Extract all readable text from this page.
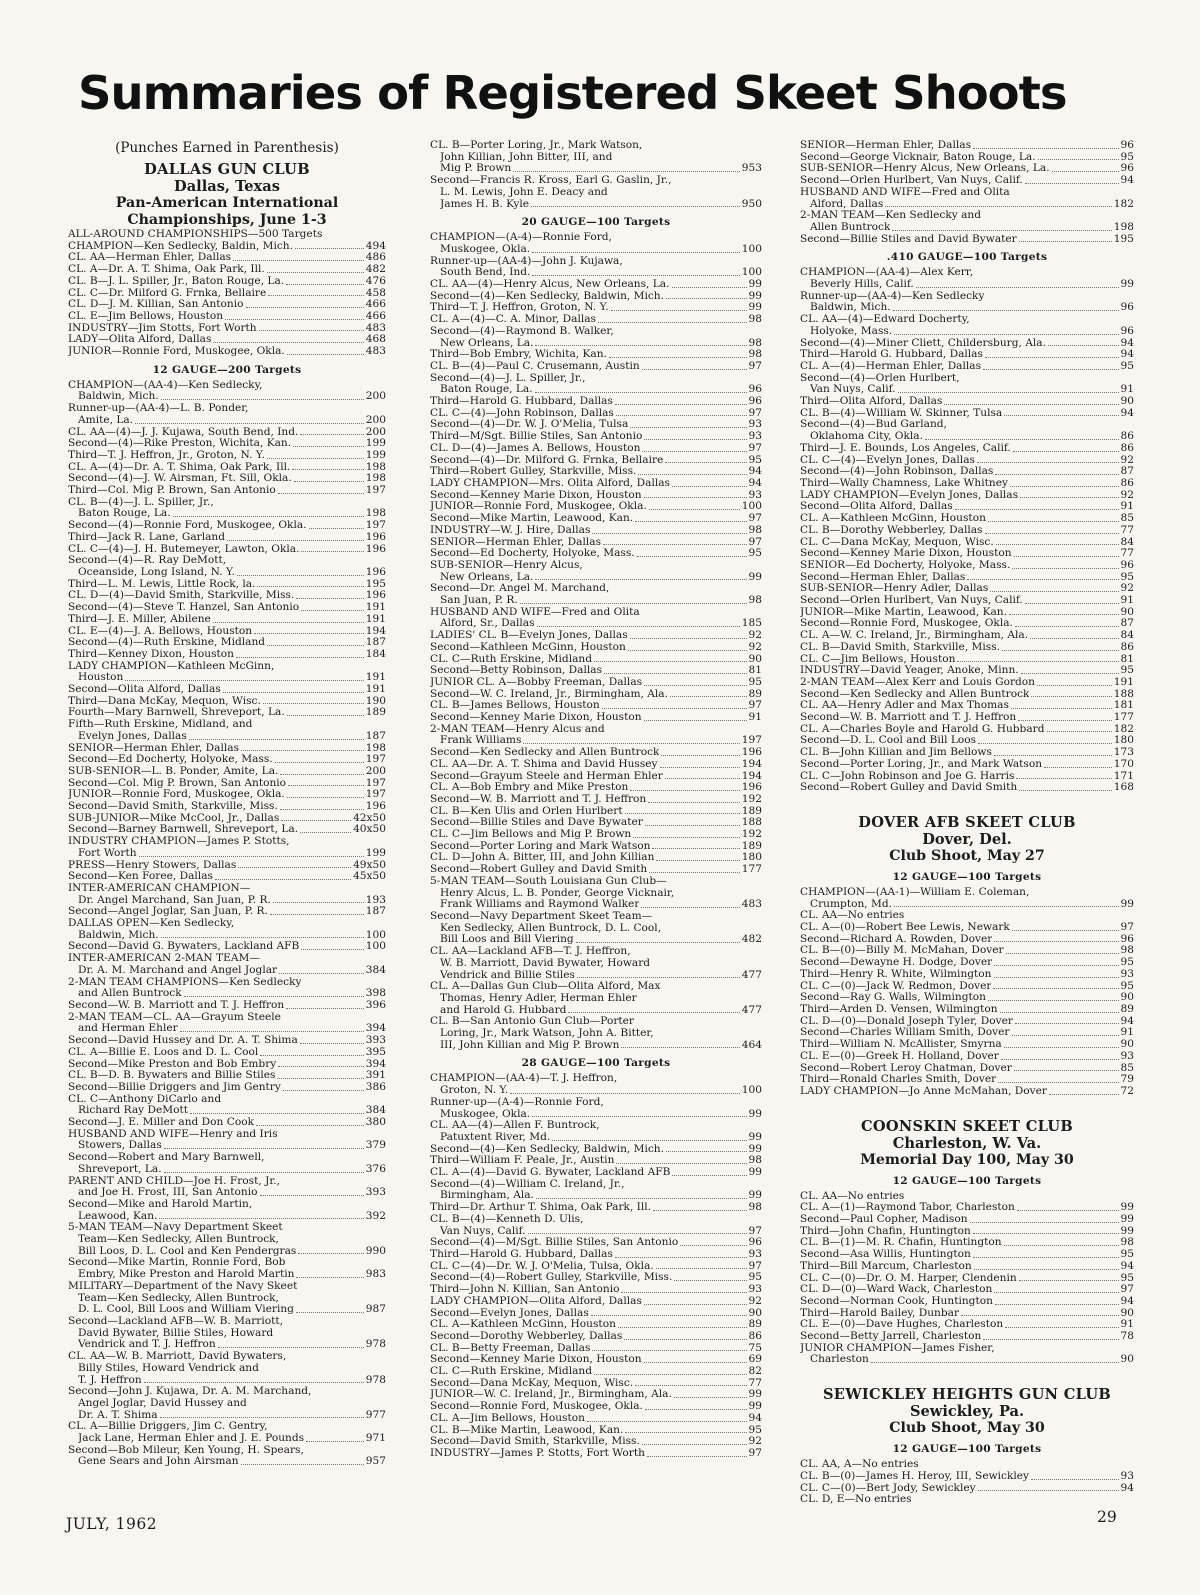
Summaries of Registered Skeet Shoots
(Punches Earned in Parenthesis)
DALLAS GUN CLUB
Dallas, Texas
Pan-American International
Championships, June 1-3
ALL-AROUND CHAMPIONSHIPS—500 Targets
CHAMPION—Ken Sedlecky, Baldin, Mich.	494
CL. AA—Herman Ehler, Dallas	486
CL. A—Dr. A. T. Shima, Oak Park, Ill.	482
CL. B—J. L. Spiller, Jr., Baton Rouge, La.	476
CL. C—Dr. Milford G. Frnka, Bellaire	458
CL. D—J. M. Killian, San Antonio	466
CL. E—Jim Bellows, Houston	466
INDUSTRY—Jim Stotts, Fort Worth	483
LADY—Olita Alford, Dallas	468
JUNIOR—Ronnie Ford, Muskogee, Okla.	483
12 GAUGE—200 Targets
CHAMPION—(AA-4)—Ken Sedlecky,
Baldwin, Mich.	200
Runner-up—(AA-4)—L. B. Ponder,
Amite, La.	200
CL. AA—(4)—J. J. Kujawa, South Bend, Ind.	200
Second—(4)—Rike Preston, Wichita, Kan.	199
Third—T. J. Heffron, Jr., Groton, N. Y.	199
CL. A—(4)—Dr. A. T. Shima, Oak Park, Ill.	198
Second—(4)—J. W. Airsman, Ft. Sill, Okla.	198
Third—Col. Mig P. Brown, San Antonio	197
CL. B—(4)—J. L. Spiller, Jr.,
Baton Rouge, La.	198
Second—(4)—Ronnie Ford, Muskogee, Okla.	197
Third—Jack R. Lane, Garland	196
CL. C—(4)—J. H. Butemeyer, Lawton, Okla.	196
Second—(4)—R. Ray DeMott,
Oceanside, Long Island, N. Y.	196
Third—L. M. Lewis, Little Rock, la.	195
CL. D—(4)—David Smith, Starkville, Miss.	196
Second—(4)—Steve T. Hanzel, San Antonio	191
Third—J. E. Miller, Abilene	191
CL. E—(4)—J. A. Bellows, Houston	194
Second—(4)—Ruth Erskine, Midland	187
Third—Kenney Dixon, Houston	184
LADY CHAMPION—Kathleen McGinn,
Houston	191
Second—Olita Alford, Dallas	191
Third—Dana McKay, Mequon, Wisc.	190
Fourth—Mary Barnwell, Shreveport, La.	189
Fifth—Ruth Erskine, Midland, and
Evelyn Jones, Dallas	187
SENIOR—Herman Ehler, Dallas	198
Second—Ed Docherty, Holyoke, Mass.	197
SUB-SENIOR—L. B. Ponder, Amite, La.	200
Second—Col. Mig P. Brown, San Antonio	197
JUNIOR—Ronnie Ford, Muskogee, Okla.	197
Second—David Smith, Starkville, Miss.	196
SUB-JUNIOR—Mike McCool, Jr., Dallas	42x50
Second—Barney Barnwell, Shreveport, La.	40x50
INDUSTRY CHAMPION—James P. Stotts,
Fort Worth	199
PRESS—Henry Stowers, Dallas	49x50
Second—Ken Foree, Dallas	45x50
INTER-AMERICAN CHAMPION—
Dr. Angel Marchand, San Juan, P. R.	193
Second—Angel Joglar, San Juan, P. R.	187
DALLAS OPEN—Ken Sedlecky,
Baldwin, Mich.	100
Second—David G. Bywaters, Lackland AFB	100
INTER-AMERICAN 2-MAN TEAM—
Dr. A. M. Marchand and Angel Joglar	384
2-MAN TEAM CHAMPIONS—Ken Sedlecky
and Allen Buntrock	398
Second—W. B. Marriott and T. J. Heffron	396
2-MAN TEAM—CL. AA—Grayum Steele
and Herman Ehler	394
Second—David Hussey and Dr. A. T. Shima	393
CL. A—Billie E. Loos and D. L. Cool	395
Second—Mike Preston and Bob Embry	394
CL. B—D. B. Bywaters and Billie Stiles	391
Second—Billie Driggers and Jim Gentry	386
CL. C—Anthony DiCarlo and
Richard Ray DeMott	384
Second—J. E. Miller and Don Cook	380
HUSBAND AND WIFE—Henry and Iris
Stowers, Dallas	379
Second—Robert and Mary Barnwell,
Shreveport, La.	376
PARENT AND CHILD—Joe H. Frost, Jr.,
and Joe H. Frost, III, San Antonio	393
Second—Mike and Harold Martin,
Leawood, Kan.	392
5-MAN TEAM—Navy Department Skeet
Team—Ken Sedlecky, Allen Buntrock,
Bill Loos, D. L. Cool and Ken Pendergras	990
Second—Mike Martin, Ronnie Ford, Bob
Embry, Mike Preston and Harold Martin	983
MILITARY—Department of the Navy Skeet
Team—Ken Sedlecky, Allen Buntrock,
D. L. Cool, Bill Loos and William Viering	987
Second—Lackland AFB—W. B. Marriott,
David Bywater, Billie Stiles, Howard
Vendrick and T. J. Heffron	978
CL. AA—W. B. Marriott, David Bywaters,
Billy Stiles, Howard Vendrick and
T. J. Heffron	978
Second—John J. Kujawa, Dr. A. M. Marchand,
Angel Joglar, David Hussey and
Dr. A. T. Shima	977
CL. A—Billie Driggers, Jim C. Gentry,
Jack Lane, Herman Ehler and J. E. Pounds	971
Second—Bob Mileur, Ken Young, H. Spears,
Gene Sears and John Airsman	957
CL. B—Porter Loring, Jr., Mark Watson,
John Killian, John Bitter, III, and
Mig P. Brown	953
Second—Francis R. Kross, Earl G. Gaslin, Jr.,
L. M. Lewis, John E. Deacy and
James H. B. Kyle	950
20 GAUGE—100 Targets
CHAMPION—(A-4)—Ronnie Ford,
Muskogee, Okla.	100
Runner-up—(AA-4)—John J. Kujawa,
South Bend, Ind.	100
CL. AA—(4)—Henry Alcus, New Orleans, La.	99
Second—(4)—Ken Sedlecky, Baldwin, Mich.	99
Third—T. J. Heffron, Groton, N. Y.	99
CL. A—(4)—C. A. Minor, Dallas	98
Second—(4)—Raymond B. Walker,
New Orleans, La.	98
Third—Bob Embry, Wichita, Kan.	98
CL. B—(4)—Paul C. Crusemann, Austin	97
Second—(4)—J. L. Spiller, Jr.,
Baton Rouge, La.	96
Third—Harold G. Hubbard, Dallas	96
CL. C—(4)—John Robinson, Dallas	97
Second—(4)—Dr. W. J. O'Melia, Tulsa	93
Third—M/Sgt. Billie Stiles, San Antonio	93
CL. D—(4)—James A. Bellows, Houston	97
Second—(4)—Dr. Milford G. Frnka, Bellaire	95
Third—Robert Gulley, Starkville, Miss.	94
LADY CHAMPION—Mrs. Olita Alford, Dallas	94
Second—Kenney Marie Dixon, Houston	93
JUNIOR—Ronnie Ford, Muskogee, Okla.	100
Second—Mike Martin, Leawood, Kan.	97
INDUSTRY—W. J. Hire, Dallas	98
SENIOR—Herman Ehler, Dallas	97
Second—Ed Docherty, Holyoke, Mass.	95
SUB-SENIOR—Henry Alcus,
New Orleans, La.	99
Second—Dr. Angel M. Marchand,
San Juan, P. R.	98
HUSBAND AND WIFE—Fred and Olita
Alford, Sr., Dallas	185
LADIES' CL. B—Evelyn Jones, Dallas	92
Second—Kathleen McGinn, Houston	92
CL. C—Ruth Erskine, Midland	90
Second—Betty Robinson, Dallas	81
JUNIOR CL. A—Bobby Freeman, Dallas	95
Second—W. C. Ireland, Jr., Birmingham, Ala.	89
CL. B—James Bellows, Houston	97
Second—Kenney Marie Dixon, Houston	91
2-MAN TEAM—Henry Alcus and
Frank Williams	197
Second—Ken Sedlecky and Allen Buntrock	196
CL. AA—Dr. A. T. Shima and David Hussey	194
Second—Grayum Steele and Herman Ehler	194
CL. A—Bob Embry and Mike Preston	196
Second—W. B. Marriott and T. J. Heffron	192
CL. B—Ken Ulis and Orlen Hurlbert	189
Second—Billie Stiles and Dave Bywater	188
CL. C—Jim Bellows and Mig P. Brown	192
Second—Porter Loring and Mark Watson	189
CL. D—John A. Bitter, III, and John Killian	180
Second—Robert Gulley and David Smith	177
5-MAN TEAM—South Louisiana Gun Club—
Henry Alcus, L. B. Ponder, George Vicknair,
Frank Williams and Raymond Walker	483
Second—Navy Department Skeet Team—
Ken Sedlecky, Allen Buntrock, D. L. Cool,
Bill Loos and Bill Viering	482
CL. AA—Lackland AFB—T. J. Heffron,
W. B. Marriott, David Bywater, Howard
Vendrick and Billie Stiles	477
CL. A—Dallas Gun Club—Olita Alford, Max
Thomas, Henry Adler, Herman Ehler
and Harold G. Hubbard	477
CL. B—San Antonio Gun Club—Porter
Loring, Jr., Mark Watson, John A. Bitter,
III, John Killian and Mig P. Brown	464
28 GAUGE—100 Targets
CHAMPION—(AA-4)—T. J. Heffron,
Groton, N. Y.	100
Runner-up—(A-4)—Ronnie Ford,
Muskogee, Okla.	99
CL. AA—(4)—Allen F. Buntrock,
Patuxtent River, Md.	99
Second—(4)—Ken Sedlecky, Baldwin, Mich.	99
Third—William F. Peale, Jr., Austin	98
CL. A—(4)—David G. Bywater, Lackland AFB	99
Second—(4)—William C. Ireland, Jr.,
Birmingham, Ala.	99
Third—Dr. Arthur T. Shima, Oak Park, Ill.	98
CL. B—(4)—Kenneth D. Ulis,
Van Nuys, Calif.	97
Second—(4)—M/Sgt. Billie Stiles, San Antonio	96
Third—Harold G. Hubbard, Dallas	93
CL. C—(4)—Dr. W. J. O'Melia, Tulsa, Okla.	97
Second—(4)—Robert Gulley, Starkville, Miss.	95
Third—John N. Killian, San Antonio	93
LADY CHAMPION—Olita Alford, Dallas	92
Second—Evelyn Jones, Dallas	90
CL. A—Kathleen McGinn, Houston	89
Second—Dorothy Webberley, Dallas	86
CL. B—Betty Freeman, Dallas	75
Second—Kenney Marie Dixon, Houston	69
CL. C—Ruth Erskine, Midland	82
Second—Dana McKay, Mequon, Wisc.	77
JUNIOR—W. C. Ireland, Jr., Birmingham, Ala.	99
Second—Ronnie Ford, Muskogee, Okla.	99
CL. A—Jim Bellows, Houston	94
CL. B—Mike Martin, Leawood, Kan.	95
Second—David Smith, Starkville, Miss.	92
INDUSTRY—James P. Stotts, Fort Worth	97
SENIOR—Herman Ehler, Dallas	96
Second—George Vicknair, Baton Rouge, La.	95
SUB-SENIOR—Henry Alcus, New Orleans, La.	96
Second—Orlen Hurlbert, Van Nuys, Calif.	94
HUSBAND AND WIFE—Fred and Olita
Alford, Dallas	182
2-MAN TEAM—Ken Sedlecky and
Allen Buntrock	198
Second—Billie Stiles and David Bywater	195
.410 GAUGE—100 Targets
CHAMPION—(AA-4)—Alex Kerr,
Beverly Hills, Calif.	99
Runner-up—(AA-4)—Ken Sedlecky
Baldwin, Mich.	96
CL. AA—(4)—Edward Docherty,
Holyoke, Mass.	96
Second—(4)—Miner Cliett, Childersburg, Ala.	94
Third—Harold G. Hubbard, Dallas	94
CL. A—(4)—Herman Ehler, Dallas	95
Second—(4)—Orlen Hurlbert,
Van Nuys, Calif.	91
Third—Olita Alford, Dallas	90
CL. B—(4)—William W. Skinner, Tulsa	94
Second—(4)—Bud Garland,
Oklahoma City, Okla.	86
Third—J. E. Bounds, Los Angeles, Calif.	86
CL. C—(4)—Evelyn Jones, Dallas	92
Second—(4)—John Robinson, Dallas	87
Third—Wally Chamness, Lake Whitney	86
LADY CHAMPION—Evelyn Jones, Dallas	92
Second—Olita Alford, Dallas	91
CL. A—Kathleen McGinn, Houston	85
CL. B—Dorothy Webberley, Dallas	77
CL. C—Dana McKay, Mequon, Wisc.	84
Second—Kenney Marie Dixon, Houston	77
SENIOR—Ed Docherty, Holyoke, Mass.	96
Second—Herman Ehler, Dallas	95
SUB-SENIOR—Henry Adler, Dallas	92
Second—Orlen Hurlbert, Van Nuys, Calif.	91
JUNIOR—Mike Martin, Leawood, Kan.	90
Second—Ronnie Ford, Muskogee, Okla.	87
CL. A—W. C. Ireland, Jr., Birmingham, Ala.	84
CL. B—David Smith, Starkville, Miss.	86
CL. C—Jim Bellows, Houston	81
INDUSTRY—David Yeager, Anoke, Minn.	95
2-MAN TEAM—Alex Kerr and Louis Gordon	191
Second—Ken Sedlecky and Allen Buntrock	188
CL. AA—Henry Adler and Max Thomas	181
Second—W. B. Marriott and T. J. Heffron	177
CL. A—Charles Boyle and Harold G. Hubbard	182
Second—D. L. Cool and Bill Loos	180
CL. B—John Killian and Jim Bellows	173
Second—Porter Loring, Jr., and Mark Watson	170
CL. C—John Robinson and Joe G. Harris	171
Second—Robert Gulley and David Smith	168
DOVER AFB SKEET CLUB
Dover, Del.
Club Shoot, May 27
12 GAUGE—100 Targets
CHAMPION—(AA-1)—William E. Coleman,
Crumpton, Md.	99
CL. AA—No entries
CL. A—(0)—Robert Bee Lewis, Newark	97
Second—Richard A. Rowden, Dover	96
CL. B—(0)—Billy M. McMahan, Dover	98
Second—Dewayne H. Dodge, Dover	95
Third—Henry R. White, Wilmington	93
CL. C—(0)—Jack W. Redmon, Dover	95
Second—Ray G. Walls, Wilmington	90
Third—Arden D. Vensen, Wilmington	89
CL. D—(0)—Donald Joseph Tyler, Dover	94
Second—Charles William Smith, Dover	91
Third—William N. McAllister, Smyrna	90
CL. E—(0)—Greek H. Holland, Dover	93
Second—Robert Leroy Chatman, Dover	85
Third—Ronald Charles Smith, Dover	79
LADY CHAMPION—Jo Anne McMahan, Dover	72
COONSKIN SKEET CLUB
Charleston, W. Va.
Memorial Day 100, May 30
12 GAUGE—100 Targets
CL. AA—No entries
CL. A—(1)—Raymond Tabor, Charleston	99
Second—Paul Copher, Madison	99
Third—John Chafin, Huntington	99
CL. B—(1)—M. R. Chafin, Huntington	98
Second—Asa Willis, Huntington	95
Third—Bill Marcum, Charleston	94
CL. C—(0)—Dr. O. M. Harper, Clendenin	95
CL. D—(0)—Ward Wack, Charleston	97
Second—Norman Cook, Huntington	94
Third—Harold Bailey, Dunbar	90
CL. E—(0)—Dave Hughes, Charleston	91
Second—Betty Jarrell, Charleston	78
JUNIOR CHAMPION—James Fisher,
Charleston	90
SEWICKLEY HEIGHTS GUN CLUB
Sewickley, Pa.
Club Shoot, May 30
12 GAUGE—100 Targets
CL. AA, A—No entries
CL. B—(0)—James H. Heroy, III, Sewickley	93
CL. C—(0)—Bert Jody, Sewickley	94
CL. D, E—No entries
JULY, 1962	29
